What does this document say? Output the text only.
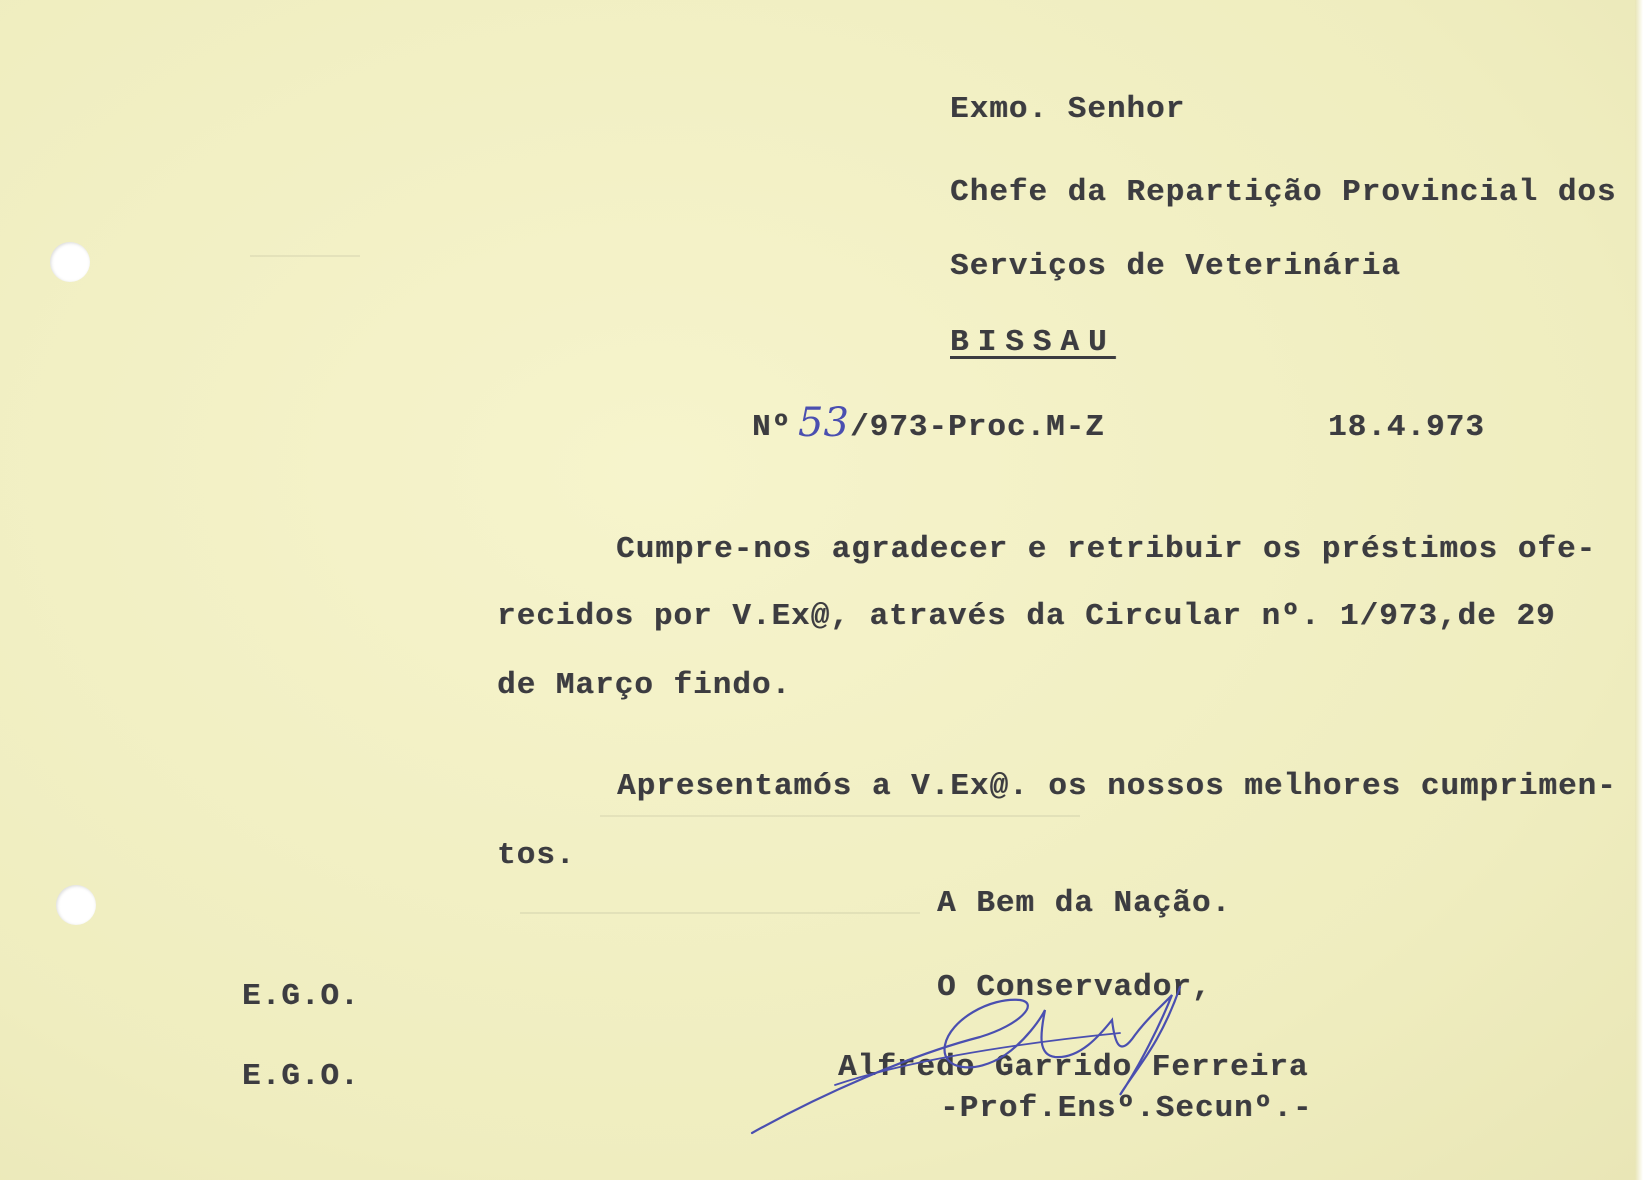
Exmo. Senhor
Chefe da Repartição Provincial dos
Serviços de Veterinária
BISSAU
Nº 53 /973-Proc.M-Z	18.4.973
Cumpre-nos agradecer e retribuir os préstimos ofe-
recidos por V.Ex@, através da Circular nº. 1/973,de 29
de Março findo.
Apresentamós a V.Ex@. os nossos melhores cumprimen-
tos.
A Bem da Nação.
O Conservador,
E.G.O.
E.G.O.	Alfredo Garrido Ferreira
-Prof.Ensº.Secunº.-
